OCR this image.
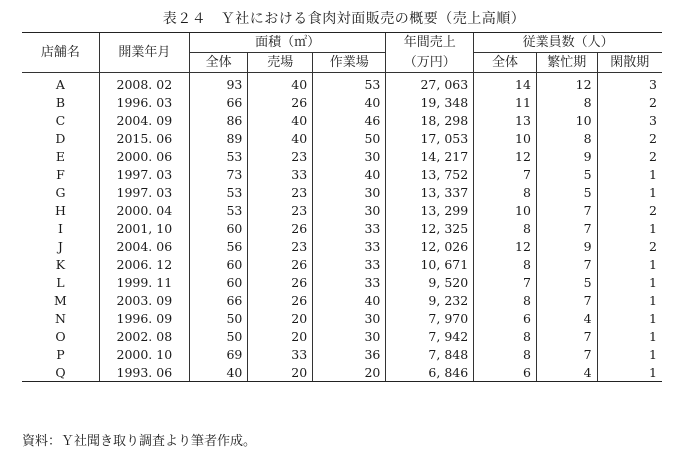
表２４　Ｙ社における食肉対面販売の概要（売上高順）
店舗名	開業年月	面積（㎡）			年間売上	従業員数（人）		
		全体	売場	作業場	（万円）	全体	繁忙期	閑散期
A	2008. 02	93	40	53	27, 063	14	12	3
B	1996. 03	66	26	40	19, 348	11	8	2
C	2004. 09	86	40	46	18, 298	13	10	3
D	2015. 06	89	40	50	17, 053	10	8	2
E	2000. 06	53	23	30	14, 217	12	9	2
F	1997. 03	73	33	40	13, 752	7	5	1
G	1997. 03	53	23	30	13, 337	8	5	1
H	2000. 04	53	23	30	13, 299	10	7	2
I	2001, 10	60	26	33	12, 325	8	7	1
J	2004. 06	56	23	33	12, 026	12	9	2
K	2006. 12	60	26	33	10, 671	8	7	1
L	1999. 11	60	26	33	9, 520	7	5	1
M	2003. 09	66	26	40	9, 232	8	7	1
N	1996. 09	50	20	30	7, 970	6	4	1
O	2002. 08	50	20	30	7, 942	8	7	1
P	2000. 10	69	33	36	7, 848	8	7	1
Q	1993. 06	40	20	20	6, 846	6	4	1
資料：Ｙ社聞き取り調査より筆者作成。
